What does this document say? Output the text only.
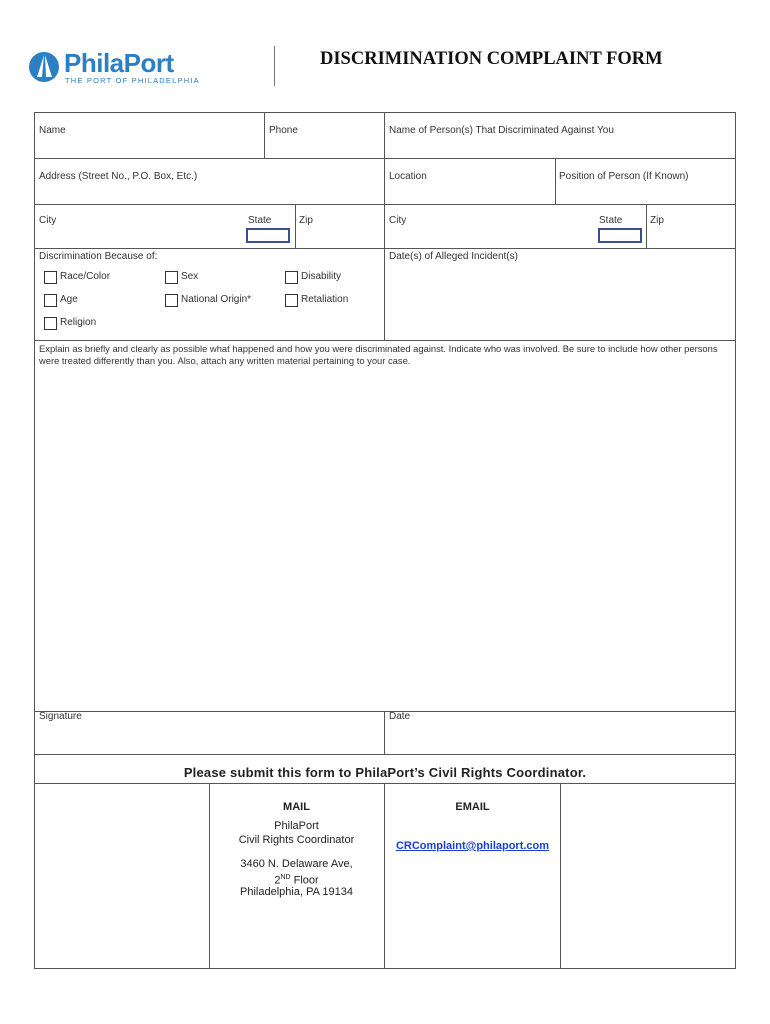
PhilaPort
THE PORT OF PHILADELPHIA
DISCRIMINATION COMPLAINT FORM
Name	Phone	Name of Person(s) That Discriminated Against You
Address (Street No., P.O. Box, Etc.)	Location	Position of Person (If Known)
City	State	Zip	City	State	Zip
Discrimination Because of:	Date(s) of Alleged Incident(s)
Race/Color	Sex	Disability
Age	National Origin*	Retaliation
Religion
Explain as briefly and clearly as possible what happened and how you were discriminated against. Indicate who was involved. Be sure to include how other persons were treated differently than you. Also, attach any written material pertaining to your case.
Signature	Date
Please submit this form to PhilaPort’s Civil Rights Coordinator.
MAIL
PhilaPort
Civil Rights Coordinator
3460 N. Delaware Ave,
2ND Floor
Philadelphia, PA 19134
EMAIL
CRComplaint@philaport.com
